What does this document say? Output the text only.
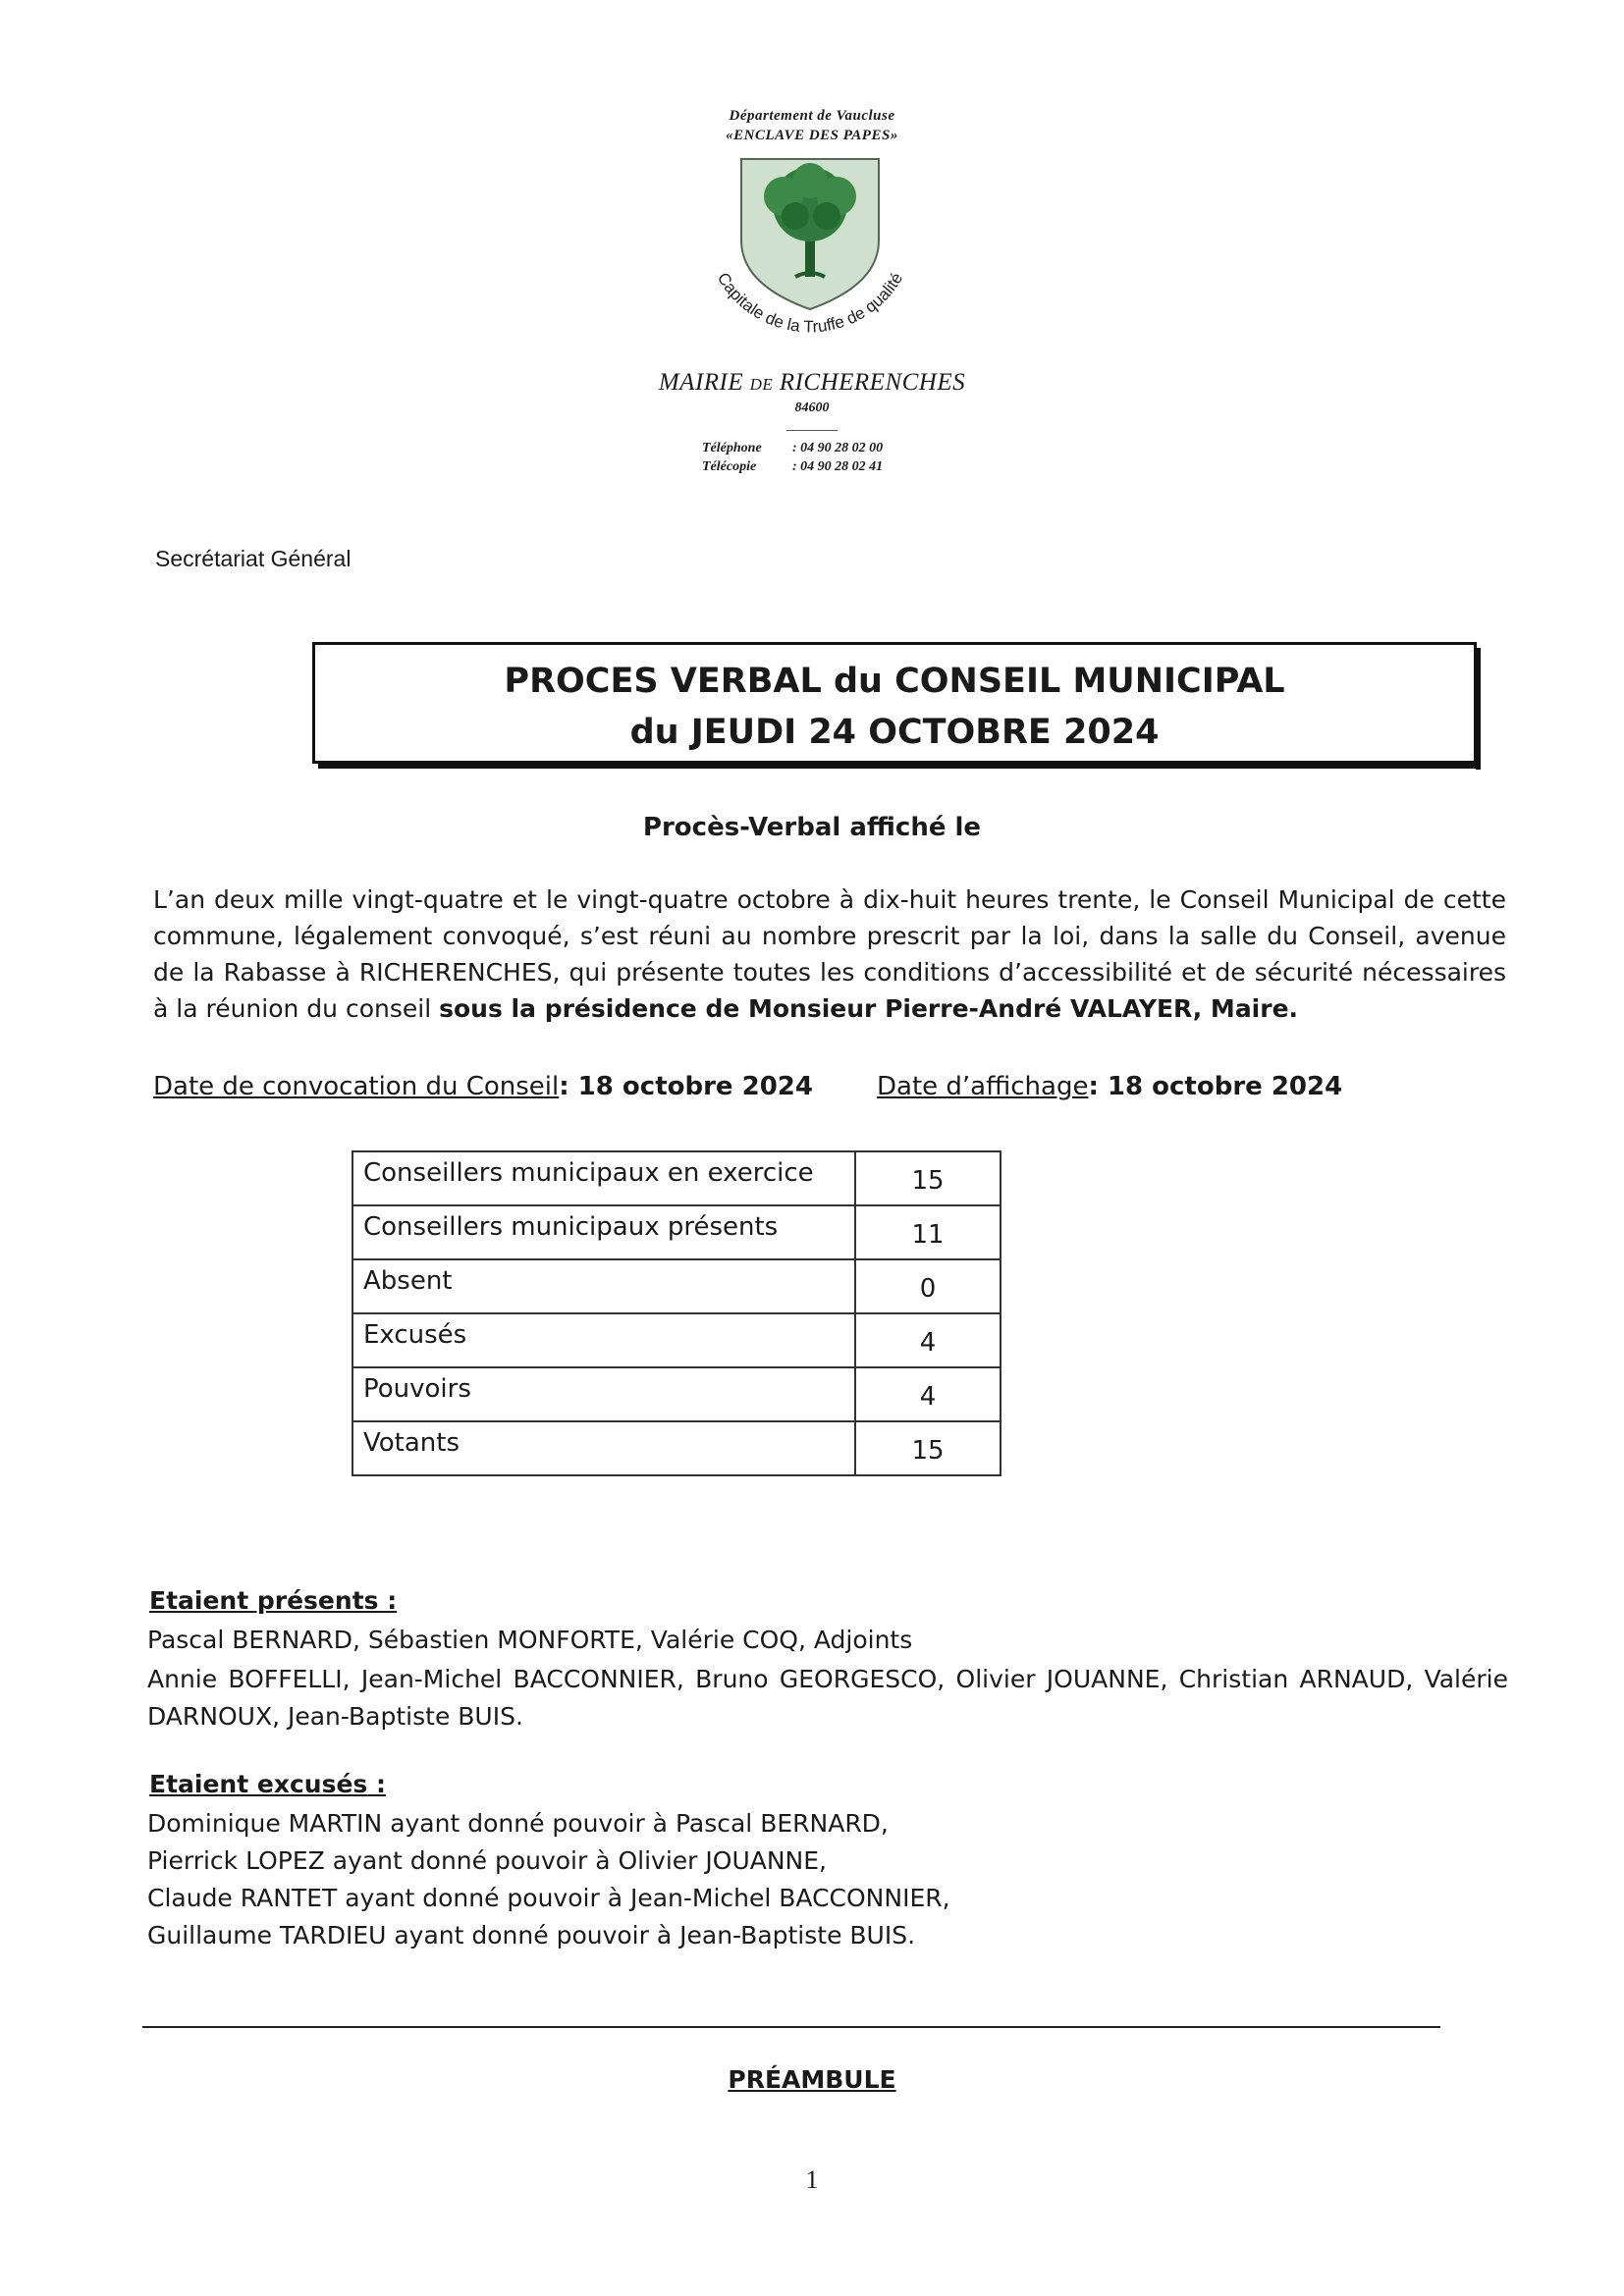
Département de Vaucluse
«ENCLAVE DES PAPES»
Capitale de la Truffe de qualité
MAIRIE DE RICHERENCHES
84600
Téléphone	: 04 90 28 02 00
Télécopie	: 04 90 28 02 41
Secrétariat Général
PROCES VERBAL du CONSEIL MUNICIPAL
du JEUDI 24 OCTOBRE 2024
Procès-Verbal affiché le
L’an deux mille vingt-quatre et le vingt-quatre octobre à dix-huit heures trente, le Conseil Municipal de cette commune, légalement convoqué, s’est réuni au nombre prescrit par la loi, dans la salle du Conseil, avenue de la Rabasse à RICHERENCHES, qui présente toutes les conditions d’accessibilité et de sécurité nécessaires à la réunion du conseil sous la présidence de Monsieur Pierre-André VALAYER, Maire.
Date de convocation du Conseil: 18 octobre 2024	Date d’affichage: 18 octobre 2024
Conseillers municipaux en exercice	15
Conseillers municipaux présents	11
Absent	0
Excusés	4
Pouvoirs	4
Votants	15
Etaient présents :
Pascal BERNARD, Sébastien MONFORTE, Valérie COQ, Adjoints
Annie BOFFELLI, Jean-Michel BACCONNIER, Bruno GEORGESCO, Olivier JOUANNE, Christian ARNAUD, Valérie
DARNOUX, Jean-Baptiste BUIS.
Etaient excusés :
Dominique MARTIN ayant donné pouvoir à Pascal BERNARD,
Pierrick LOPEZ ayant donné pouvoir à Olivier JOUANNE,
Claude RANTET ayant donné pouvoir à Jean-Michel BACCONNIER,
Guillaume TARDIEU ayant donné pouvoir à Jean-Baptiste BUIS.
PRÉAMBULE
1
